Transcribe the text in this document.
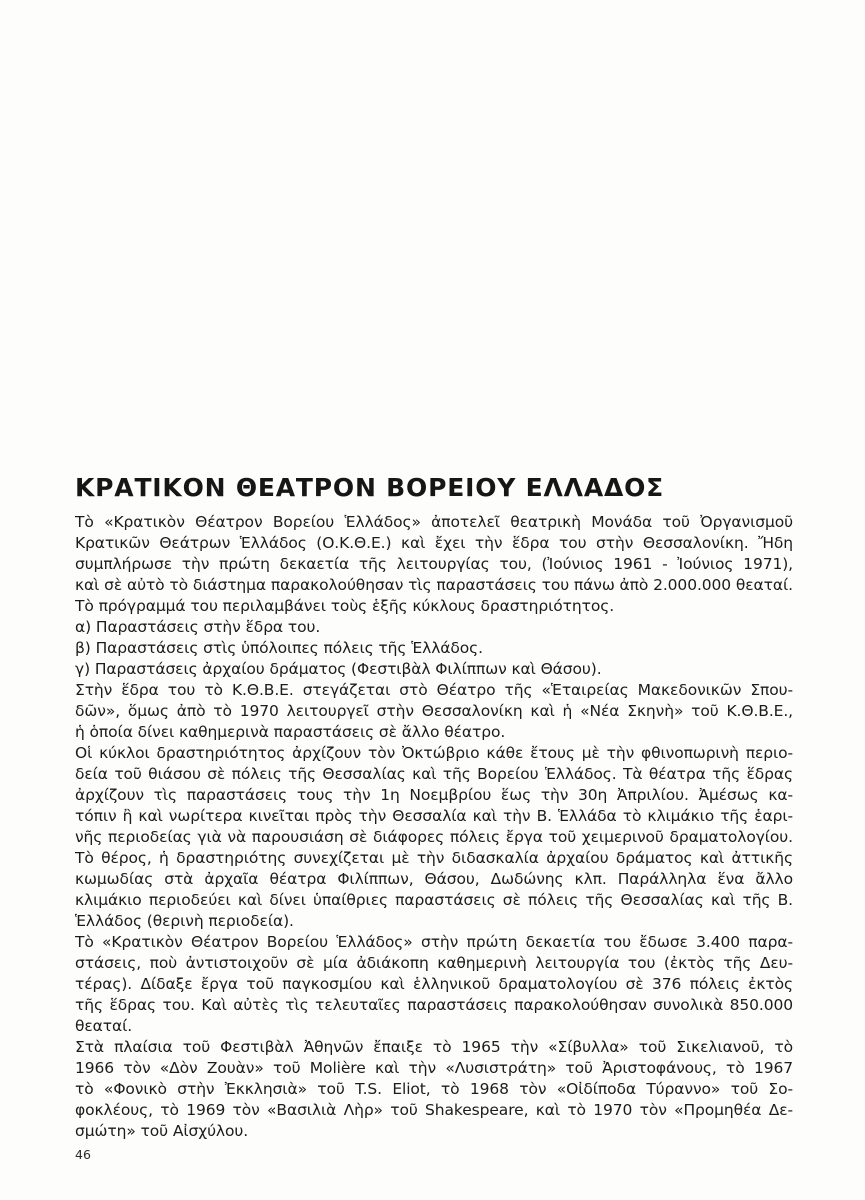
ΚΡΑΤΙΚΟΝ ΘΕΑΤΡΟΝ ΒΟΡΕΙΟΥ ΕΛΛΑΔΟΣ
Τὸ «Κρατικὸν Θέατρον Βορείου Ἑλλάδος» ἀποτελεῖ θεατρικὴ Μονάδα τοῦ Ὀργανισμοῦ
Κρατικῶν Θεάτρων Ἑλλάδος (Ο.Κ.Θ.Ε.) καὶ ἔχει τὴν ἕδρα του στὴν Θεσσαλονίκη. Ἤδη
συμπλήρωσε τὴν πρώτη δεκαετία τῆς λειτουργίας του, (Ἰούνιος 1961 - Ἰούνιος 1971),
καὶ σὲ αὐτὸ τὸ διάστημα παρακολούθησαν τὶς παραστάσεις του πάνω ἀπὸ 2.000.000 θεαταί.
Τὸ πρόγραμμά του περιλαμβάνει τοὺς ἑξῆς κύκλους δραστηριότητος.
α) Παραστάσεις στὴν ἕδρα του.
β) Παραστάσεις στὶς ὑπόλοιπες πόλεις τῆς Ἑλλάδος.
γ) Παραστάσεις ἀρχαίου δράματος (Φεστιβὰλ Φιλίππων καὶ Θάσου).
Στὴν ἕδρα του τὸ Κ.Θ.Β.Ε. στεγάζεται στὸ Θέατρο τῆς «Ἑταιρείας Μακεδονικῶν Σπου-
δῶν», ὅμως ἀπὸ τὸ 1970 λειτουργεῖ στὴν Θεσσαλονίκη καὶ ἡ «Νέα Σκηνὴ» τοῦ Κ.Θ.Β.Ε.,
ἡ ὁποία δίνει καθημερινὰ παραστάσεις σὲ ἄλλο θέατρο.
Οἱ κύκλοι δραστηριότητος ἀρχίζουν τὸν Ὀκτώβριο κάθε ἔτους μὲ τὴν φθινοπωρινὴ περιο-
δεία τοῦ θιάσου σὲ πόλεις τῆς Θεσσαλίας καὶ τῆς Βορείου Ἑλλάδος. Τὰ θέατρα τῆς ἕδρας
ἀρχίζουν τὶς παραστάσεις τους τὴν 1η Νοεμβρίου ἕως τὴν 30η Ἀπριλίου. Ἀμέσως κα-
τόπιν ἢ καὶ νωρίτερα κινεῖται πρὸς τὴν Θεσσαλία καὶ τὴν Β. Ἑλλάδα τὸ κλιμάκιο τῆς ἑαρι-
νῆς περιοδείας γιὰ νὰ παρουσιάση σὲ διάφορες πόλεις ἔργα τοῦ χειμερινοῦ δραματολογίου.
Τὸ θέρος, ἡ δραστηριότης συνεχίζεται μὲ τὴν διδασκαλία ἀρχαίου δράματος καὶ ἀττικῆς
κωμωδίας στὰ ἀρχαῖα θέατρα Φιλίππων, Θάσου, Δωδώνης κλπ. Παράλληλα ἕνα ἄλλο
κλιμάκιο περιοδεύει καὶ δίνει ὑπαίθριες παραστάσεις σὲ πόλεις τῆς Θεσσαλίας καὶ τῆς Β.
Ἑλλάδος (θερινὴ περιοδεία).
Τὸ «Κρατικὸν Θέατρον Βορείου Ἑλλάδος» στὴν πρώτη δεκαετία του ἔδωσε 3.400 παρα-
στάσεις, ποὺ ἀντιστοιχοῦν σὲ μία ἀδιάκοπη καθημερινὴ λειτουργία του (ἐκτὸς τῆς Δευ-
τέρας). Δίδαξε ἔργα τοῦ παγκοσμίου καὶ ἑλληνικοῦ δραματολογίου σὲ 376 πόλεις ἐκτὸς
τῆς ἕδρας του. Καὶ αὐτὲς τὶς τελευταῖες παραστάσεις παρακολούθησαν συνολικὰ 850.000
θεαταί.
Στὰ πλαίσια τοῦ Φεστιβὰλ Ἀθηνῶν ἔπαιξε τὸ 1965 τὴν «Σίβυλλα» τοῦ Σικελιανοῦ, τὸ
1966 τὸν «Δὸν Ζουὰν» τοῦ Molière καὶ τὴν «Λυσιστράτη» τοῦ Ἀριστοφάνους, τὸ 1967
τὸ «Φονικὸ στὴν Ἐκκλησιὰ» τοῦ T.S. Eliot, τὸ 1968 τὸν «Οἰδίποδα Τύραννο» τοῦ Σο-
φοκλέους, τὸ 1969 τὸν «Βασιλιὰ Λὴρ» τοῦ Shakespeare, καὶ τὸ 1970 τὸν «Προμηθέα Δε-
σμώτη» τοῦ Αἰσχύλου.
46
